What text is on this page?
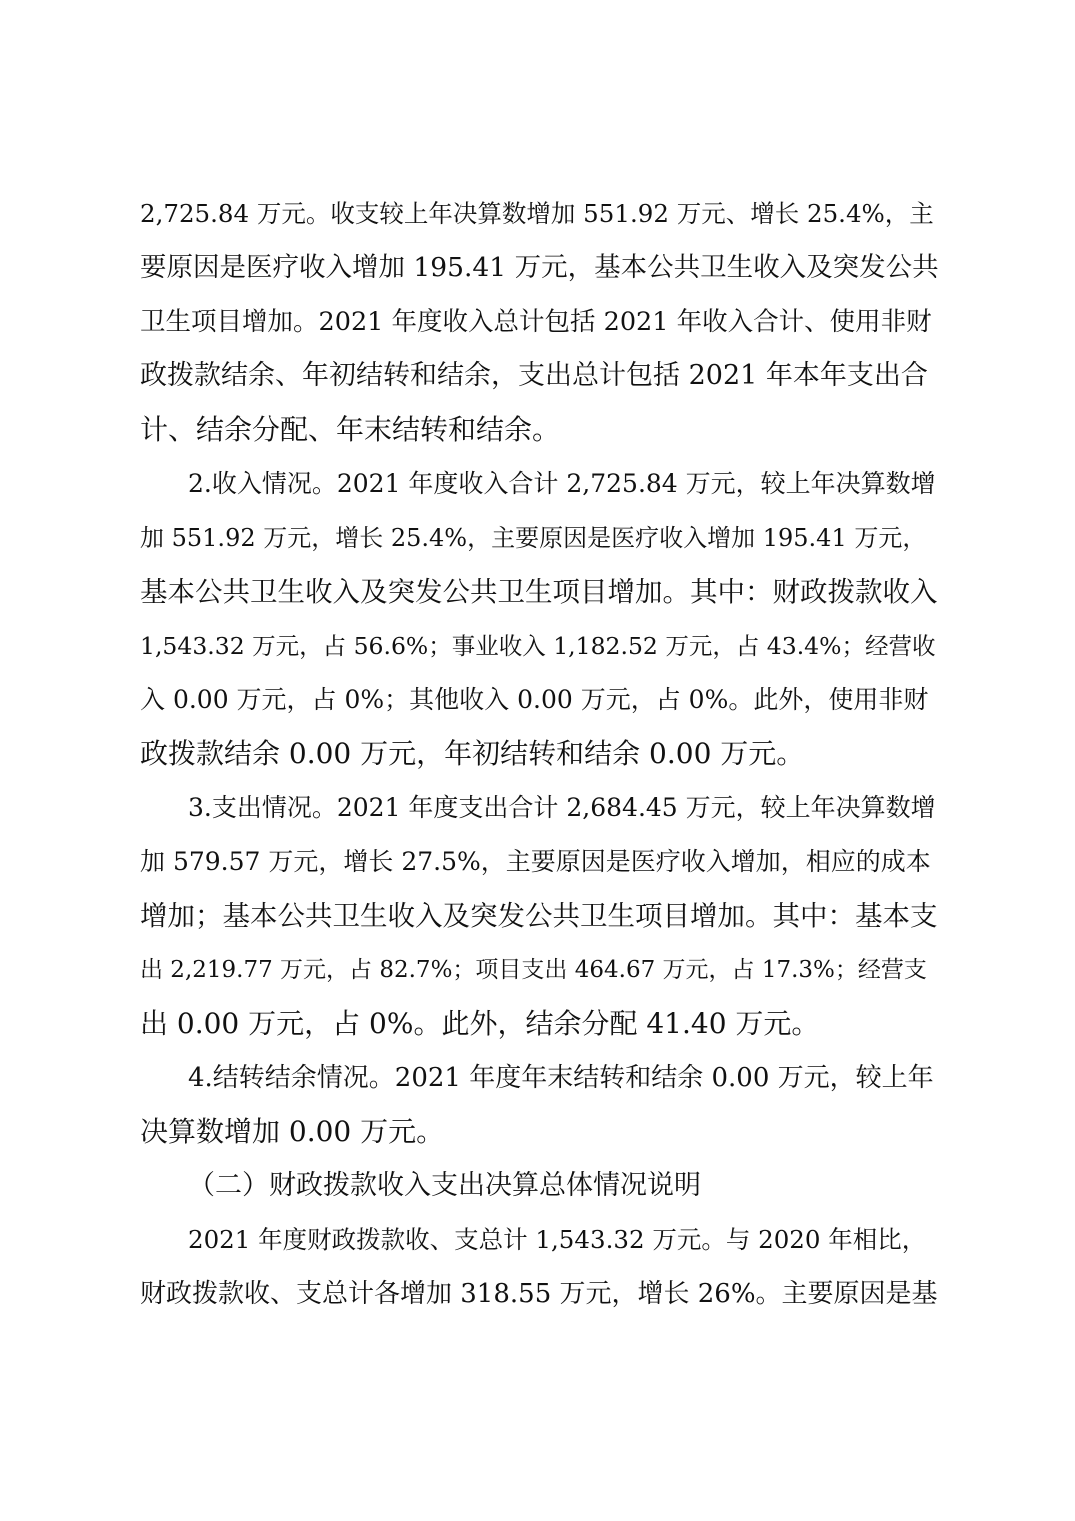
2,725.84 万元。收支较上年决算数增加 551.92 万元、增长 25.4%，主
要原因是医疗收入增加 195.41 万元，基本公共卫生收入及突发公共
卫生项目增加。2021 年度收入总计包括 2021 年收入合计、使用非财
政拨款结余、年初结转和结余，支出总计包括 2021 年本年支出合
计、结余分配、年末结转和结余。
2.收入情况。2021 年度收入合计 2,725.84 万元，较上年决算数增
加 551.92 万元，增长 25.4%，主要原因是医疗收入增加 195.41 万元，
基本公共卫生收入及突发公共卫生项目增加。其中：财政拨款收入
1,543.32 万元，占 56.6%；事业收入 1,182.52 万元，占 43.4%；经营收
入 0.00 万元，占 0%；其他收入 0.00 万元，占 0%。此外，使用非财
政拨款结余 0.00 万元，年初结转和结余 0.00 万元。
3.支出情况。2021 年度支出合计 2,684.45 万元，较上年决算数增
加 579.57 万元，增长 27.5%，主要原因是医疗收入增加，相应的成本
增加；基本公共卫生收入及突发公共卫生项目增加。其中：基本支
出 2,219.77 万元，占 82.7%；项目支出 464.67 万元，占 17.3%；经营支
出 0.00 万元，占 0%。此外，结余分配 41.40 万元。
4.结转结余情况。2021 年度年末结转和结余 0.00 万元，较上年
决算数增加 0.00 万元。
（二）财政拨款收入支出决算总体情况说明
2021 年度财政拨款收、支总计 1,543.32 万元。与 2020 年相比，
财政拨款收、支总计各增加 318.55 万元，增长 26%。主要原因是基
